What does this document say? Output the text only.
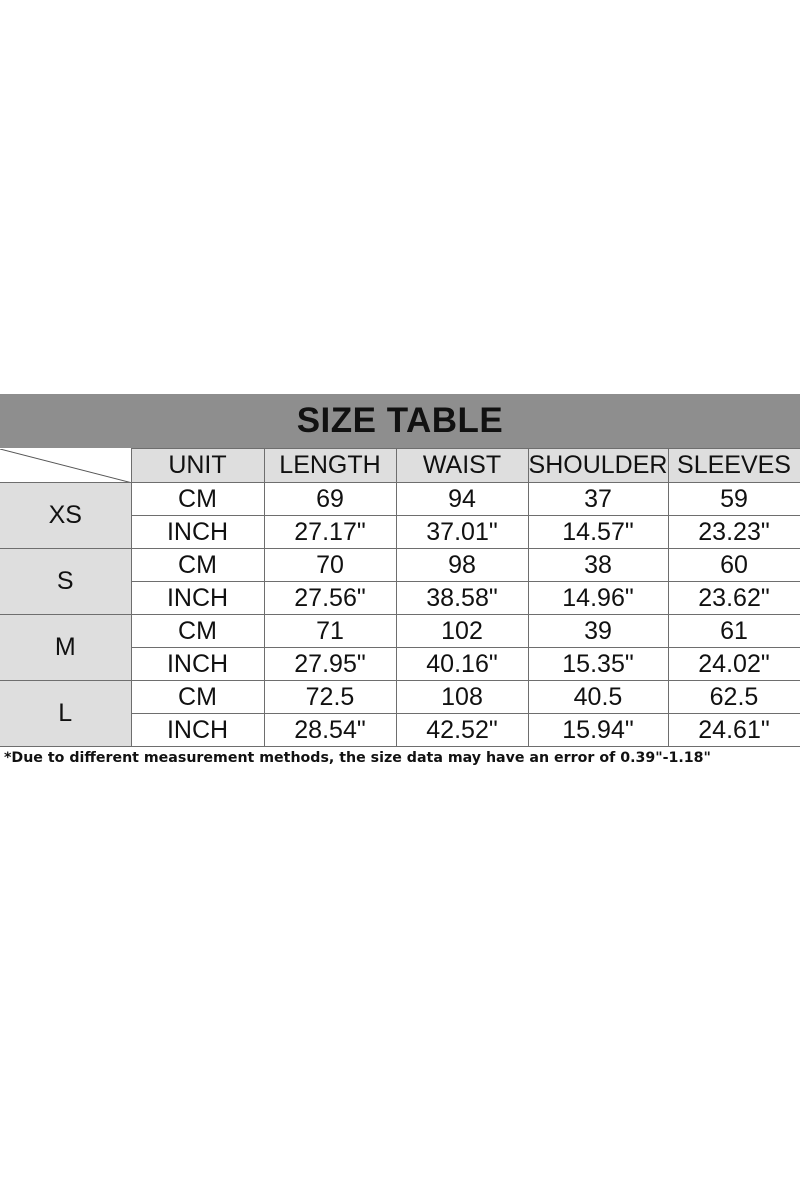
SIZE TABLE
	UNIT	LENGTH	WAIST	SHOULDER	SLEEVES
XS	CM	69	94	37	59
	INCH	27.17"	37.01"	14.57"	23.23"
S	CM	70	98	38	60
	INCH	27.56"	38.58"	14.96"	23.62"
M	CM	71	102	39	61
	INCH	27.95"	40.16"	15.35"	24.02"
L	CM	72.5	108	40.5	62.5
	INCH	28.54"	42.52"	15.94"	24.61"
*Due to different measurement methods, the size data may have an error of 0.39"-1.18"
